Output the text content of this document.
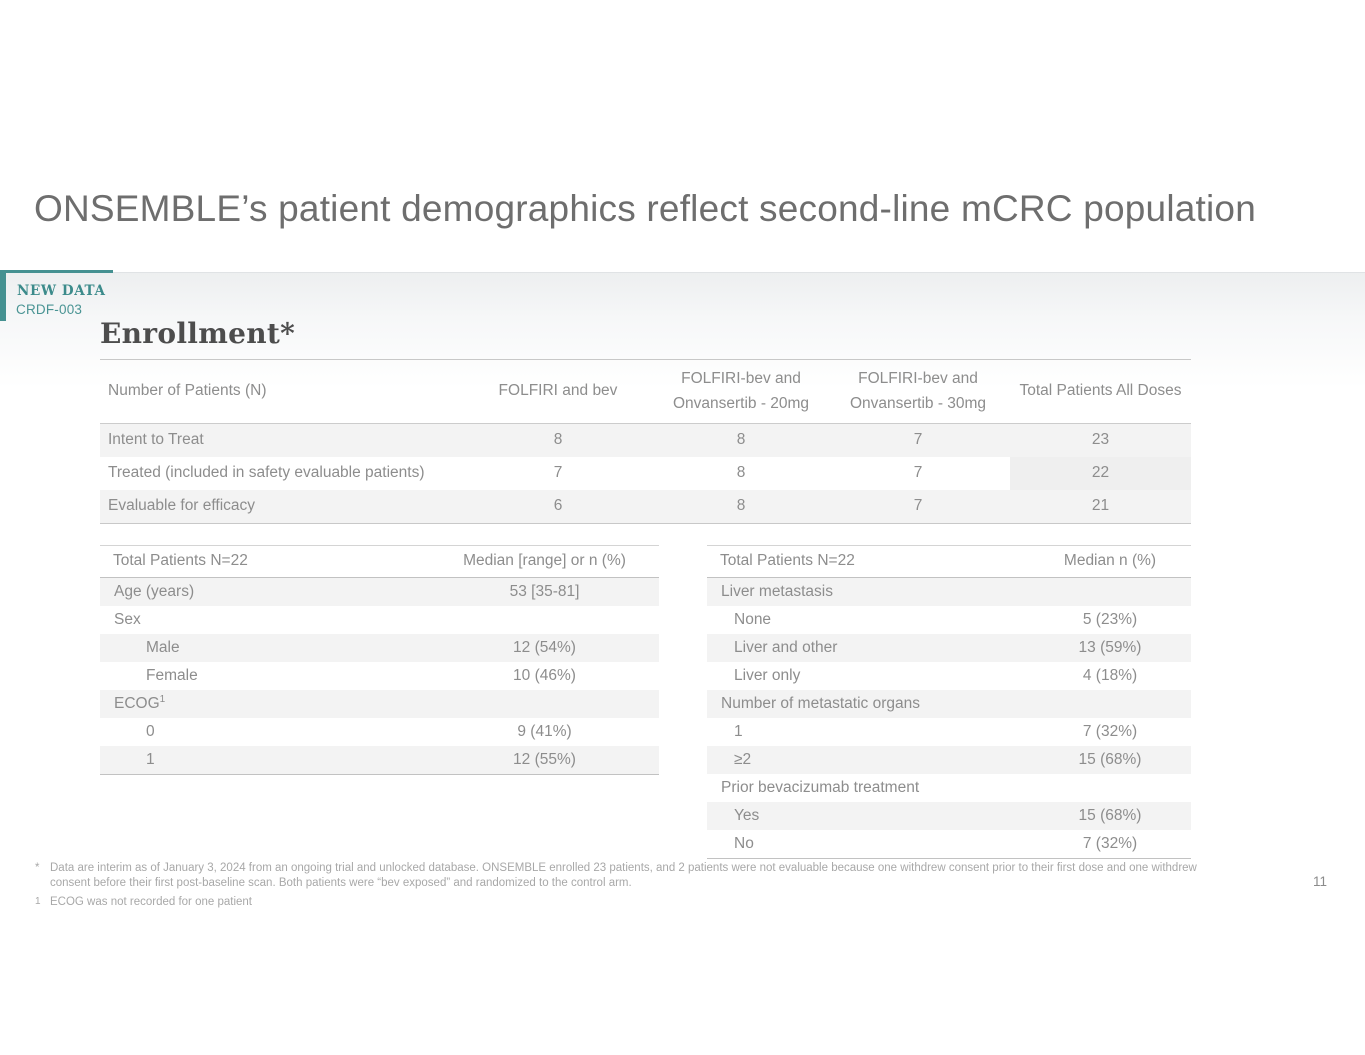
ONSEMBLE’s patient demographics reflect second-line mCRC population
NEW DATA
CRDF-003
Enrollment*
Number of Patients (N)	FOLFIRI and bev	FOLFIRI-bev and Onvansertib - 20mg	FOLFIRI-bev and Onvansertib - 30mg	Total Patients All Doses
Intent to Treat	8	8	7	23
Treated (included in safety evaluable patients)	7	8	7	22
Evaluable for efficacy	6	8	7	21
Total Patients N=22	Median [range] or n (%)
Age (years)	53 [35-81]
Sex	
Male	12 (54%)
Female	10 (46%)
ECOG$^1$	
0	9 (41%)
1	12 (55%)
Total Patients N=22	Median n (%)
Liver metastasis	
None	5 (23%)
Liver and other	13 (59%)
Liver only	4 (18%)
Number of metastatic organs	
1	7 (32%)
≥2	15 (68%)
Prior bevacizumab treatment	
Yes	15 (68%)
No	7 (32%)
* Data are interim as of January 3, 2024 from an ongoing trial and unlocked database. ONSEMBLE enrolled 23 patients, and 2 patients were not evaluable because one withdrew consent prior to their first dose and one withdrew consent before their first post-baseline scan. Both patients were “bev exposed” and randomized to the control arm.
$^1$ ECOG was not recorded for one patient
11
